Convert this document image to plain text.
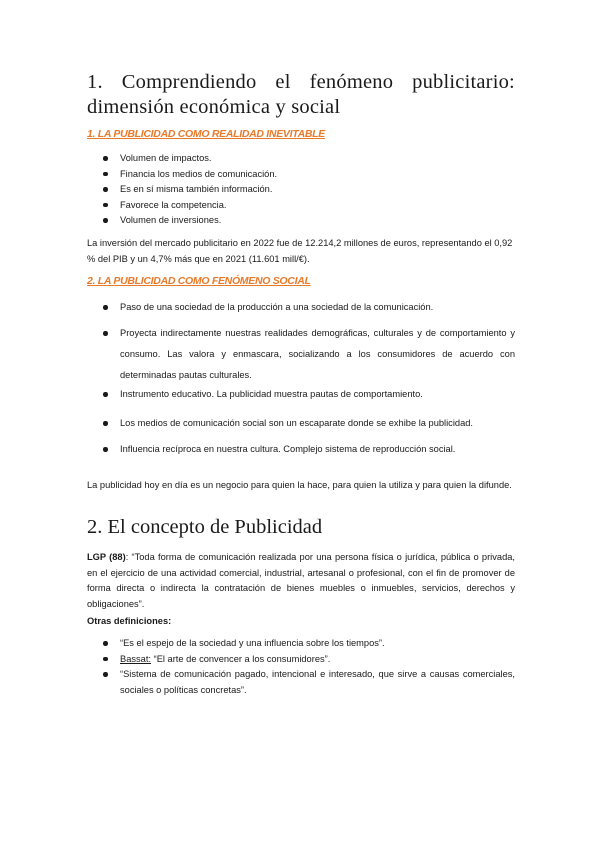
1. Comprendiendo el fenómeno publicitario:
dimensión económica y social
1. LA PUBLICIDAD COMO REALIDAD INEVITABLE
Volumen de impactos.
Financia los medios de comunicación.
Es en sí misma también información.
Favorece la competencia.
Volumen de inversiones.
La inversión del mercado publicitario en 2022 fue de 12.214,2 millones de euros, representando el 0,92 % del PIB y un 4,7% más que en 2021 (11.601 mill/€).
2. LA PUBLICIDAD COMO FENÓMENO SOCIAL
Paso de una sociedad de la producción a una sociedad de la comunicación.
Proyecta indirectamente nuestras realidades demográficas, culturales y de comportamiento y consumo. Las valora y enmascara, socializando a los consumidores de acuerdo con determinadas pautas culturales.
Instrumento educativo. La publicidad muestra pautas de comportamiento.
Los medios de comunicación social son un escaparate donde se exhibe la publicidad.
Influencia recíproca en nuestra cultura. Complejo sistema de reproducción social.

La publicidad hoy en día es un negocio para quien la hace, para quien la utiliza y para quien la difunde.

2. El concepto de Publicidad

LGP (88): “Toda forma de comunicación realizada por una persona física o jurídica, pública o privada, en el ejercicio de una actividad comercial, industrial, artesanal o profesional, con el fin de promover de forma directa o indirecta la contratación de bienes muebles o inmuebles, servicios, derechos y obligaciones”.

Otras definiciones:
“Es el espejo de la sociedad y una influencia sobre los tiempos”.
Bassat: “El arte de convencer a los consumidores”.
“Sistema de comunicación pagado, intencional e interesado, que sirve a causas comerciales, sociales o políticas concretas”.
